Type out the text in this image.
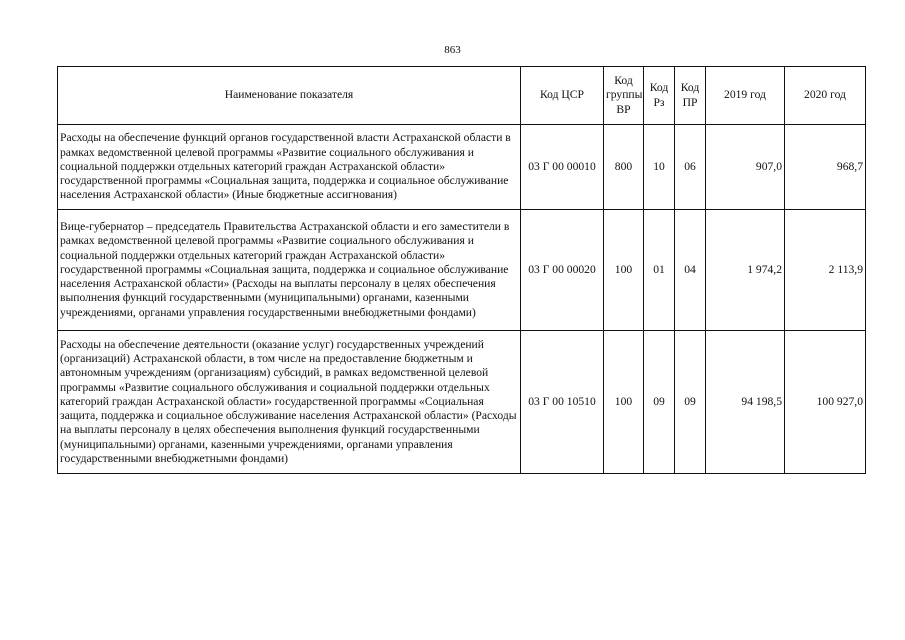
863
Наименование показателя	Код ЦСР	Код группы ВР	Код Рз	Код ПР	2019 год	2020 год
Расходы на обеспечение функций органов государственной власти Астраханской области в рамках ведомственной целевой программы «Развитие социального обслуживания и социальной поддержки отдельных категорий граждан Астраханской области» государственной программы «Социальная защита, поддержка и социальное обслуживание населения Астраханской области» (Иные бюджетные ассигнования)	03 Г 00 00010	800	10	06	907,0	968,7
Вице-губернатор – председатель Правительства Астраханской области и его заместители в рамках ведомственной целевой программы «Развитие социального обслуживания и социальной поддержки отдельных категорий граждан Астраханской области» государственной программы «Социальная защита, поддержка и социальное обслуживание населения Астраханской области» (Расходы на выплаты персоналу в целях обеспечения выполнения функций государственными (муниципальными) органами, казенными учреждениями, органами управления государственными внебюджетными фондами)	03 Г 00 00020	100	01	04	1 974,2	2 113,9
Расходы на обеспечение деятельности (оказание услуг) государственных учреждений (организаций) Астраханской области, в том числе на предоставление бюджетным и автономным учреждениям (организациям) субсидий, в рамках ведомственной целевой программы «Развитие социального обслуживания и социальной поддержки отдельных категорий граждан Астраханской области» государственной программы «Социальная защита, поддержка и социальное обслуживание населения Астраханской области» (Расходы на выплаты персоналу в целях обеспечения выполнения функций государственными (муниципальными) органами, казенными учреждениями, органами управления государственными внебюджетными фондами)	03 Г 00 10510	100	09	09	94 198,5	100 927,0
